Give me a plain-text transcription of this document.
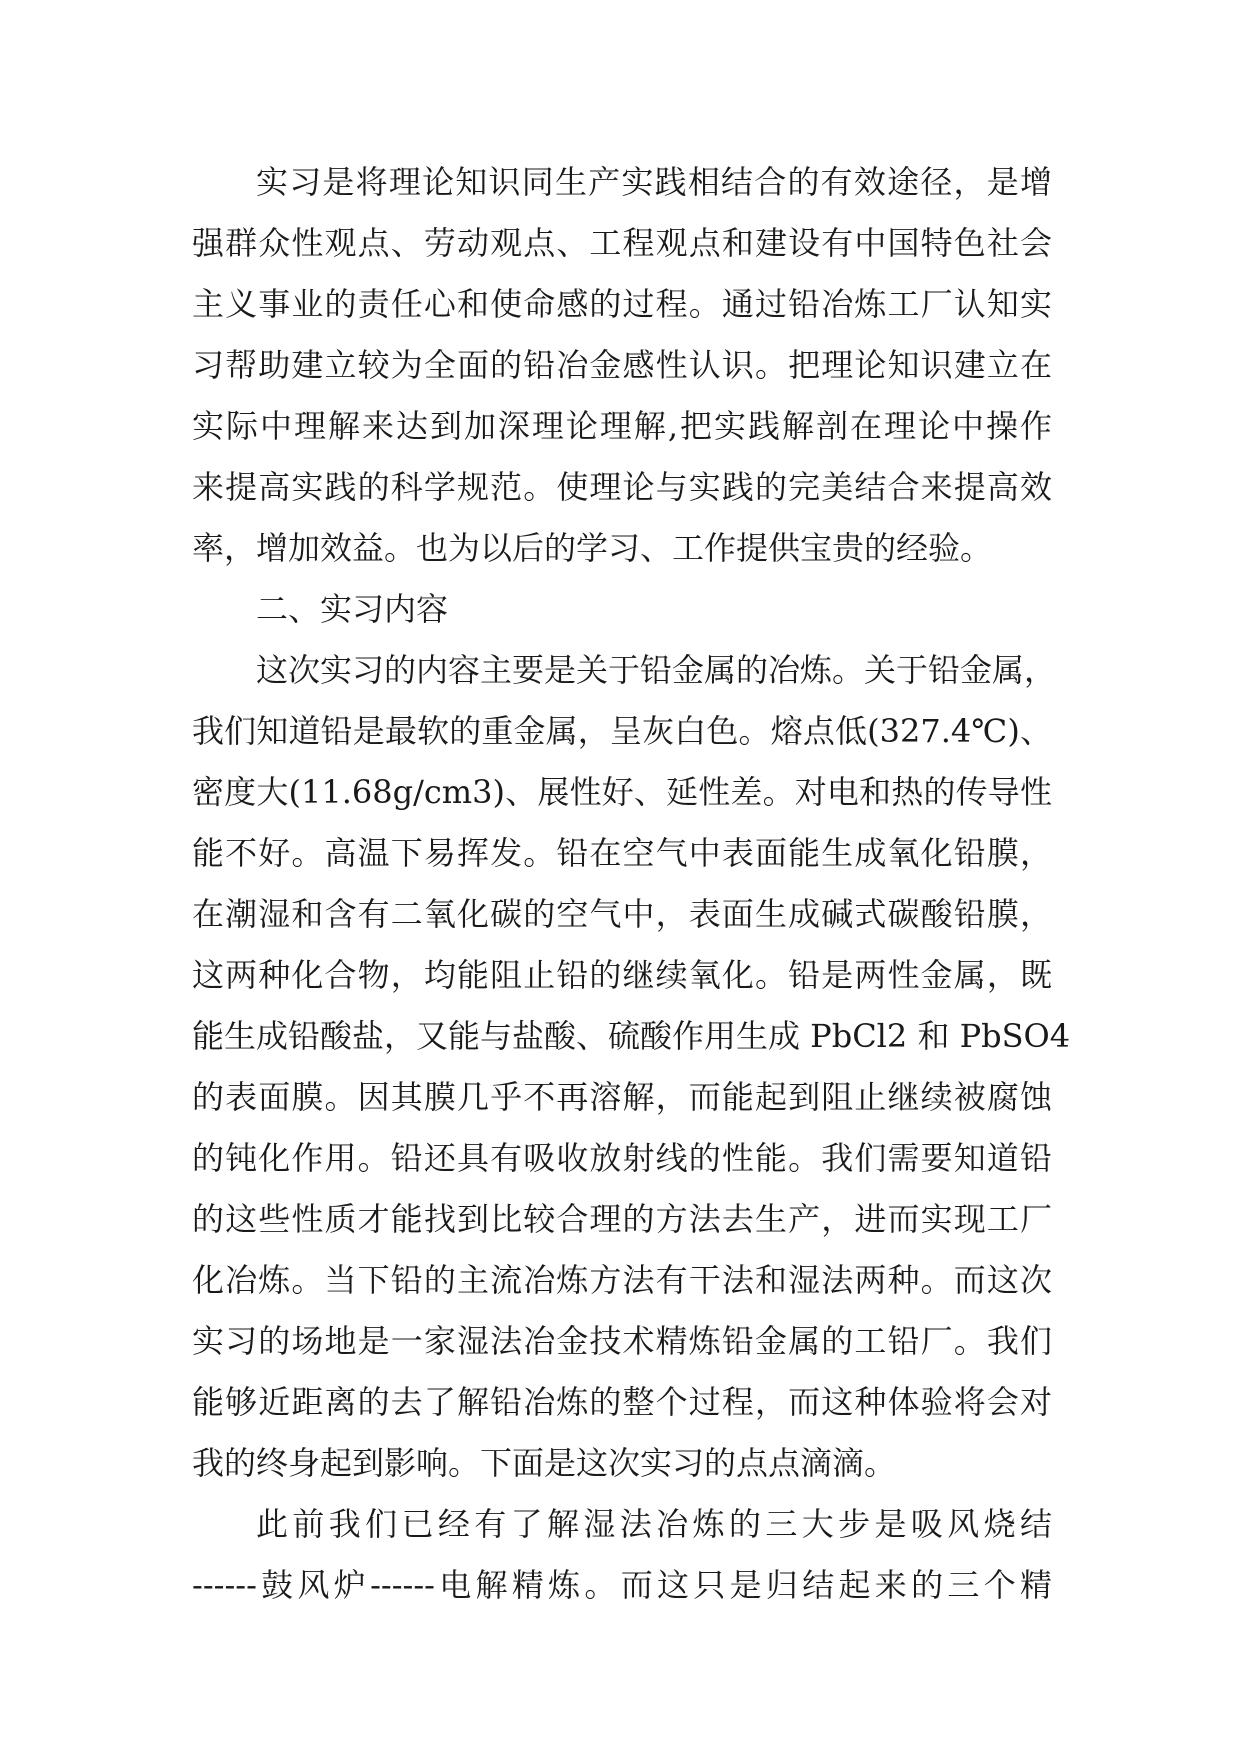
实习是将理论知识同生产实践相结合的有效途径，是增
强群众性观点、劳动观点、工程观点和建设有中国特色社会
主义事业的责任心和使命感的过程。通过铅冶炼工厂认知实
习帮助建立较为全面的铅冶金感性认识。把理论知识建立在
实际中理解来达到加深理论理解,把实践解剖在理论中操作
来提高实践的科学规范。使理论与实践的完美结合来提高效
率，增加效益。也为以后的学习、工作提供宝贵的经验。
二、实习内容
这次实习的内容主要是关于铅金属的冶炼。关于铅金属，
我们知道铅是最软的重金属，呈灰白色。熔点低(327.4℃)、
密度大(11.68g/cm3)、展性好、延性差。对电和热的传导性
能不好。高温下易挥发。铅在空气中表面能生成氧化铅膜，
在潮湿和含有二氧化碳的空气中，表面生成碱式碳酸铅膜，
这两种化合物，均能阻止铅的继续氧化。铅是两性金属，既
能生成铅酸盐，又能与盐酸、硫酸作用生成 PbCl2 和 PbSO4
的表面膜。因其膜几乎不再溶解，而能起到阻止继续被腐蚀
的钝化作用。铅还具有吸收放射线的性能。我们需要知道铅
的这些性质才能找到比较合理的方法去生产，进而实现工厂
化冶炼。当下铅的主流冶炼方法有干法和湿法两种。而这次
实习的场地是一家湿法冶金技术精炼铅金属的工铅厂。我们
能够近距离的去了解铅冶炼的整个过程，而这种体验将会对
我的终身起到影响。下面是这次实习的点点滴滴。
此前我们已经有了解湿法冶炼的三大步是吸风烧结
------鼓风炉------电解精炼。而这只是归结起来的三个精
